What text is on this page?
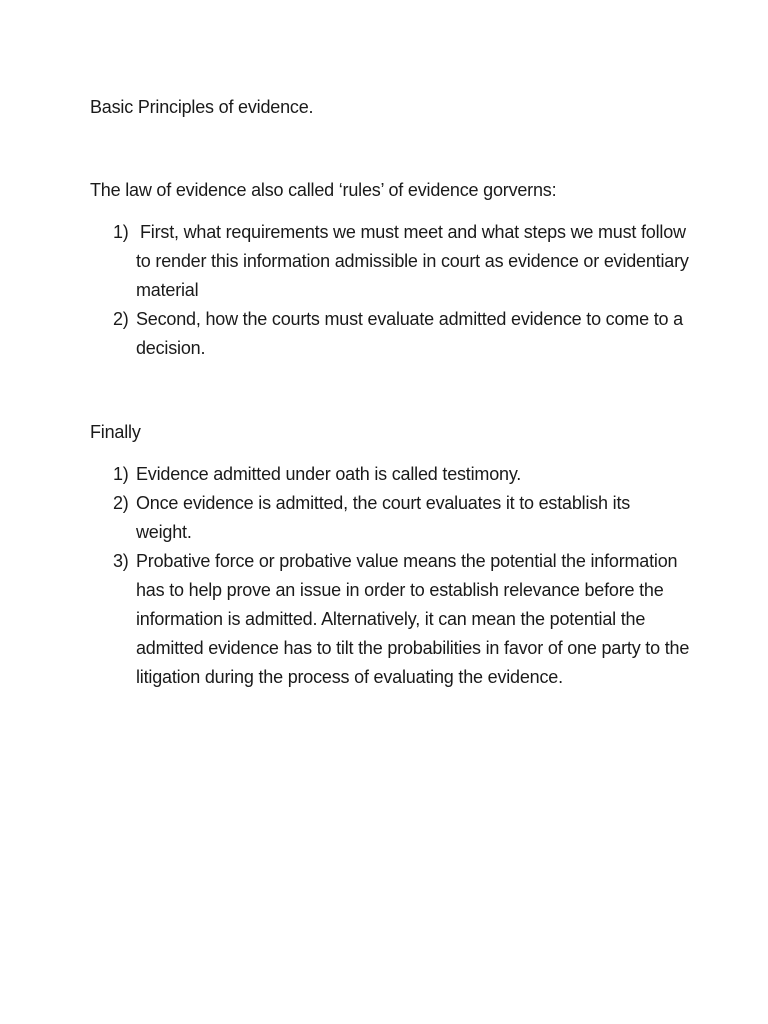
Basic Principles of evidence.

The law of evidence also called ‘rules’ of evidence gorverns:

1) First, what requirements we must meet and what steps we must follow to render this information admissible in court as evidence or evidentiary material
2) Second, how the courts must evaluate admitted evidence to come to a decision.

Finally

1) Evidence admitted under oath is called testimony.
2) Once evidence is admitted, the court evaluates it to establish its weight.
3) Probative force or probative value means the potential the information has to help prove an issue in order to establish relevance before the information is admitted. Alternatively, it can mean the potential the admitted evidence has to tilt the probabilities in favor of one party to the litigation during the process of evaluating the evidence.
